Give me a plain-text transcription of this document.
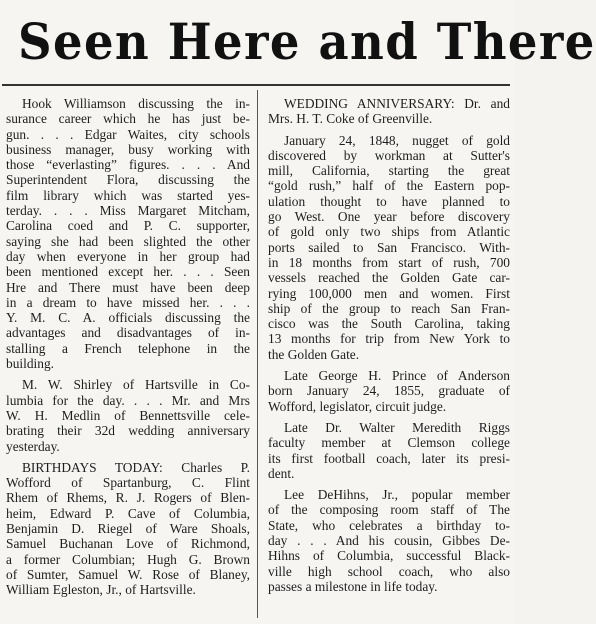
Seen Here and There
Hook Williamson discussing the in-
surance career which he has just be-
gun. . . . Edgar Waites, city schools
business manager, busy working with
those “everlasting” figures. . . . And
Superintendent Flora, discussing the
film library which was started yes-
terday. . . . Miss Margaret Mitcham,
Carolina coed and P. C. supporter,
saying she had been slighted the other
day when everyone in her group had
been mentioned except her. . . . Seen
Hre and There must have been deep
in a dream to have missed her. . . .
Y. M. C. A. officials discussing the
advantages and disadvantages of in-
stalling a French telephone in the
building.
M. W. Shirley of Hartsville in Co-
lumbia for the day. . . . Mr. and Mrs
W. H. Medlin of Bennettsville cele-
brating their 32d wedding anniversary
yesterday.
BIRTHDAYS TODAY: Charles P.
Wofford of Spartanburg, C. Flint
Rhem of Rhems, R. J. Rogers of Blen-
heim, Edward P. Cave of Columbia,
Benjamin D. Riegel of Ware Shoals,
Samuel Buchanan Love of Richmond,
a former Columbian; Hugh G. Brown
of Sumter, Samuel W. Rose of Blaney,
William Egleston, Jr., of Hartsville.
WEDDING ANNIVERSARY: Dr. and
Mrs. H. T. Coke of Greenville.
January 24, 1848, nugget of gold
discovered by workman at Sutter's
mill, California, starting the great
“gold rush,” half of the Eastern pop-
ulation thought to have planned to
go West. One year before discovery
of gold only two ships from Atlantic
ports sailed to San Francisco. With-
in 18 months from start of rush, 700
vessels reached the Golden Gate car-
rying 100,000 men and women. First
ship of the group to reach San Fran-
cisco was the South Carolina, taking
13 months for trip from New York to
the Golden Gate.
Late George H. Prince of Anderson
born January 24, 1855, graduate of
Wofford, legislator, circuit judge.
Late Dr. Walter Meredith Riggs
faculty member at Clemson college
its first football coach, later its presi-
dent.
Lee DeHihns, Jr., popular member
of the composing room staff of The
State, who celebrates a birthday to-
day . . . And his cousin, Gibbes De-
Hihns of Columbia, successful Black-
ville high school coach, who also
passes a milestone in life today.
